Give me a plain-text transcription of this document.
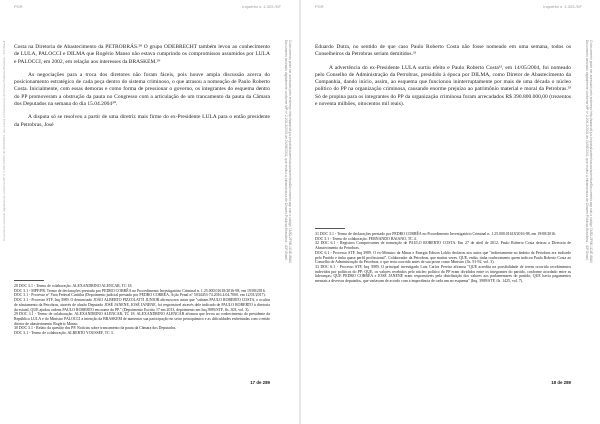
Documento assinado digitalmente conforme MP nº 2.200-2/2001 de 24/08/2001, que institui a Infraestrutura de Chaves Públicas Brasileira - ICP-Brasil.
PGR	Inquérito n. 4.325 /DF

Costa na Diretoria de Abastecimento da PETROBRÁS.²⁸ O grupo ODEBRECHT também levou ao conhecimento de LULA, PALOCCI e DILMA que Rogério Manso não estava cumprindo os compromissos assumidos por LULA e PALOCCI, em 2002, em relação aos interesses da BRASKEM.²⁹

As negociações para a troca dos diretores não foram fáceis, pois houve ampla discussão acerca do posicionamento estratégico de cada peça dentro do sistema criminoso, o que atrasou a nomeação de Paulo Roberto Costa. Inicialmente, com essas demoras e como forma de pressionar o governo, os integrantes do esquema dentro do PP promoveram a obstrução da pauta no Congresso com a articulação de um trancamento da pauta da Câmara dos Deputados na semana do dia 15.04.2004³⁰.

A disputa só se resolveu a partir de uma diretriz mais firme do ex-Presidente LULA para o então presidente da Petrobras, José

28 DOC 3.1 - Termo de colaboração. ALEXANDRINO ALENCAR, TC 18.

DOC 3.1 - MPF/PR. Termo de declarações prestado por PEDRO CORRÊA no Procedimento Investigatório Criminal n. 1.25.000.01618/2016-98, em 19/08/2016.

DOC 3.1 - Processo n° Vara Federal Curitiba (Depoimento judicial prestado por PEDRO CORRÊA, Ação Penal n° 5034453-74.2016.4.04.7000, em 12/01/2017).

DOC 3.1 - Processo STF, Inq 3989. O denunciado JOÃO ALBERTO PIZZOLATTI JUNIOR afirmou nos autos que "sabiam PAULO ROBERTO COSTA, o ocultar de afastamento da Petrobras, através de alusão Deputado JOSÉ JANENE, JOSÉ JANENE, foi responsável através dele indicado de PAULO ROBERTO à diretoria da estatal, QUE ajudou ordens PAULO ROBERTO em nome do PP." (Depoimento Escrito 17 em 2013, depoimento em Inq 3989/STF, fls. 303, vol. 3).

29 DOC 3.1 - Termo de colaboração. ALEXANDRINO ALENCAR, TC 18. ALEXANDRINO ALENCAR afirmou que levou ao conhecimento do presidente da República LULA e do Ministro PALOCCI a intenção da BRASKEM de aumentar sua participação no setor petroquímico e as dificuldades enfrentadas com o então diretor de abastecimento Rogério Manso.

30 DOC 3.1 - Relato da questão dos PP. Notícias sobre trancamento da pauta da Câmara dos Deputados.

DOC 3.1 - Termo de colaboração. ALBERTO YOUSSEF, TC 3.

17 de 289
Documento assinado digitalmente conforme MP nº 2.200-2/2001 de 24/08/2001, que institui a Infraestrutura de Chaves Públicas Brasileira - ICP-Brasil. O documento pode ser acessado pelo endereço http://www.stf.jus.br/portal/autenticacao/autenticarDocumento.asp sob o código 7A5D-2F9B-1C4E-88A0
PGR	Inquérito n. 4.325 /DF

Eduardo Dutra, no sentido de que caso Paulo Roberto Costa não fosse nomeado em uma semana, todos os Conselheiros da Petrobras seriam demitidos.³¹

A advertência do ex-Presidente LULA surtiu efeito e Paulo Roberto Costa³², em 14/05/2004, foi nomeado pelo Conselho de Administração da Petrobras, presidido à época por DILMA, como Diretor de Abastecimento da Companhia, dando início, assim, ao esquema que funcionou ininterruptamente por mais de uma década o núcleo político do PP na organização criminosa, causando enorme prejuízo ao patrimônio material e moral da Petrobras.³³ Só de propina para os integrantes do PP da organização criminosa foram arrecadados R$ 390.800.000,00 (trezentos e noventa milhões, oitocentos mil reais).

31 DOC 3.1 - Termo de declarações prestado por PEDRO CORRÊA no Procedimento Investigatório Criminal n. 1.25.000.01618/2016-98, em 19/08/2016.

DOC 3.1 - Termo de colaboração. FERNANDO BAIANO, TC 4.

32 DOC 6.1 - Registros Comprovantes de nomeação de PAULO ROBERTO COSTA. Em 27 de abril de 2012, Paulo Roberto Costa deixou a Diretoria de Abastecimento da Petrobras.

DOC 6.1 - Processo STF, Inq 3989. O ex-Ministro da Minas e Energia Edison Lobão declarou nos autos que "indiretamente no âmbito da Petrobras era indicado pelo Partido e tinha quase perfil profissional". Colaborador da Petrobras, que muitas vezes. QUE, então, tinha conhecimento quem indicou Paulo Roberto Costa ao Conselho de Administração da Petrobras, o que teria ocorrido antes de sua posse como Ministro (fls. 91-92, vol. 3).

33 DOC 6.1 - Processo STF, Inq 3989. O principal investigado Luiz Carlos Pereira afirmou "QUE acredita na possibilidade de terem ocorrido recebimentos indevidos por políticos do PP; QUE, os valores recebidos pelo núcleo político do PP eram divididos entre os integrantes do partido, conforme acordado entre as lideranças; QUE PEDRO CORRÊA e JOSÉ JANENE eram responsáveis pela distribuição dos valores aos parlamentares do partido; QUE havia pagamentos mensais a diversos deputados, que variavam de acordo com a importância de cada um no esquema" (Inq. 3989/STF, fls. 1425, vol. 7).

18 de 289
Documento assinado digitalmente conforme MP nº 2.200-2/2001 de 24/08/2001, que institui a Infraestrutura de Chaves Públicas Brasileira - ICP-Brasil. O documento pode ser acessado pelo endereço http://www.stf.jus.br/portal/autenticacao/autenticarDocumento.asp sob o código 7A5D-2F9B-1C4E-88A0
